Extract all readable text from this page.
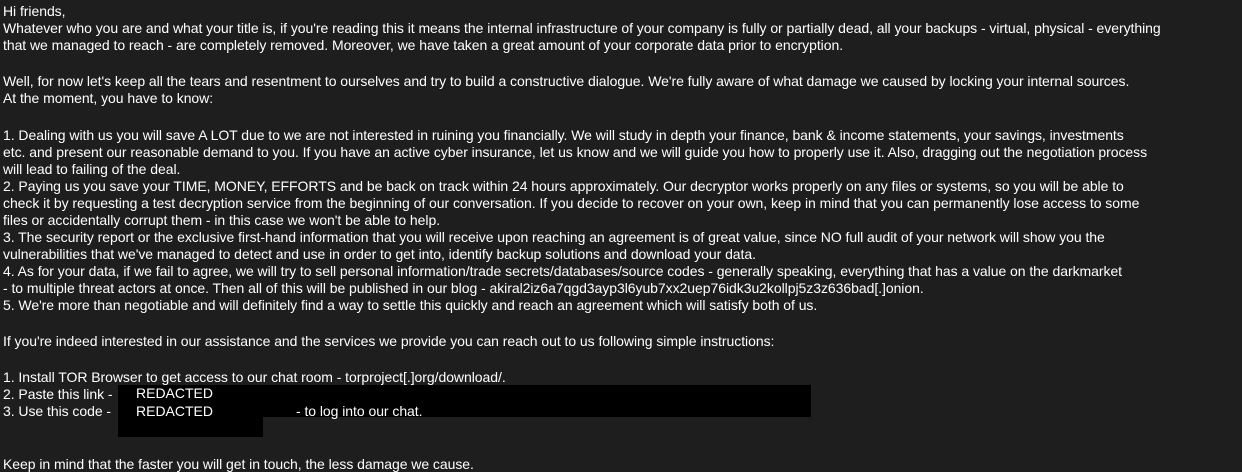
Hi friends,
Whatever who you are and what your title is, if you're reading this it means the internal infrastructure of your company is fully or partially dead, all your backups - virtual, physical - everything
that we managed to reach - are completely removed. Moreover, we have taken a great amount of your corporate data prior to encryption.
Well, for now let's keep all the tears and resentment to ourselves and try to build a constructive dialogue. We're fully aware of what damage we caused by locking your internal sources.
At the moment, you have to know:
1. Dealing with us you will save A LOT due to we are not interested in ruining you financially. We will study in depth your finance, bank & income statements, your savings, investments
etc. and present our reasonable demand to you. If you have an active cyber insurance, let us know and we will guide you how to properly use it. Also, dragging out the negotiation process
will lead to failing of the deal.
2. Paying us you save your TIME, MONEY, EFFORTS and be back on track within 24 hours approximately. Our decryptor works properly on any files or systems, so you will be able to
check it by requesting a test decryption service from the beginning of our conversation. If you decide to recover on your own, keep in mind that you can permanently lose access to some
files or accidentally corrupt them - in this case we won't be able to help.
3. The security report or the exclusive first-hand information that you will receive upon reaching an agreement is of great value, since NO full audit of your network will show you the
vulnerabilities that we've managed to detect and use in order to get into, identify backup solutions and download your data.
4. As for your data, if we fail to agree, we will try to sell personal information/trade secrets/databases/source codes - generally speaking, everything that has a value on the darkmarket
- to multiple threat actors at once. Then all of this will be published in our blog - akiral2iz6a7qgd3ayp3l6yub7xx2uep76idk3u2kollpj5z3z636bad[.]onion.
5. We're more than negotiable and will definitely find a way to settle this quickly and reach an agreement which will satisfy both of us.
If you're indeed interested in our assistance and the services we provide you can reach out to us following simple instructions:
1. Install TOR Browser to get access to our chat room - torproject[.]org/download/.
2. Paste this link -	REDACTED
3. Use this code -	REDACTED	- to log into our chat.
Keep in mind that the faster you will get in touch, the less damage we cause.
